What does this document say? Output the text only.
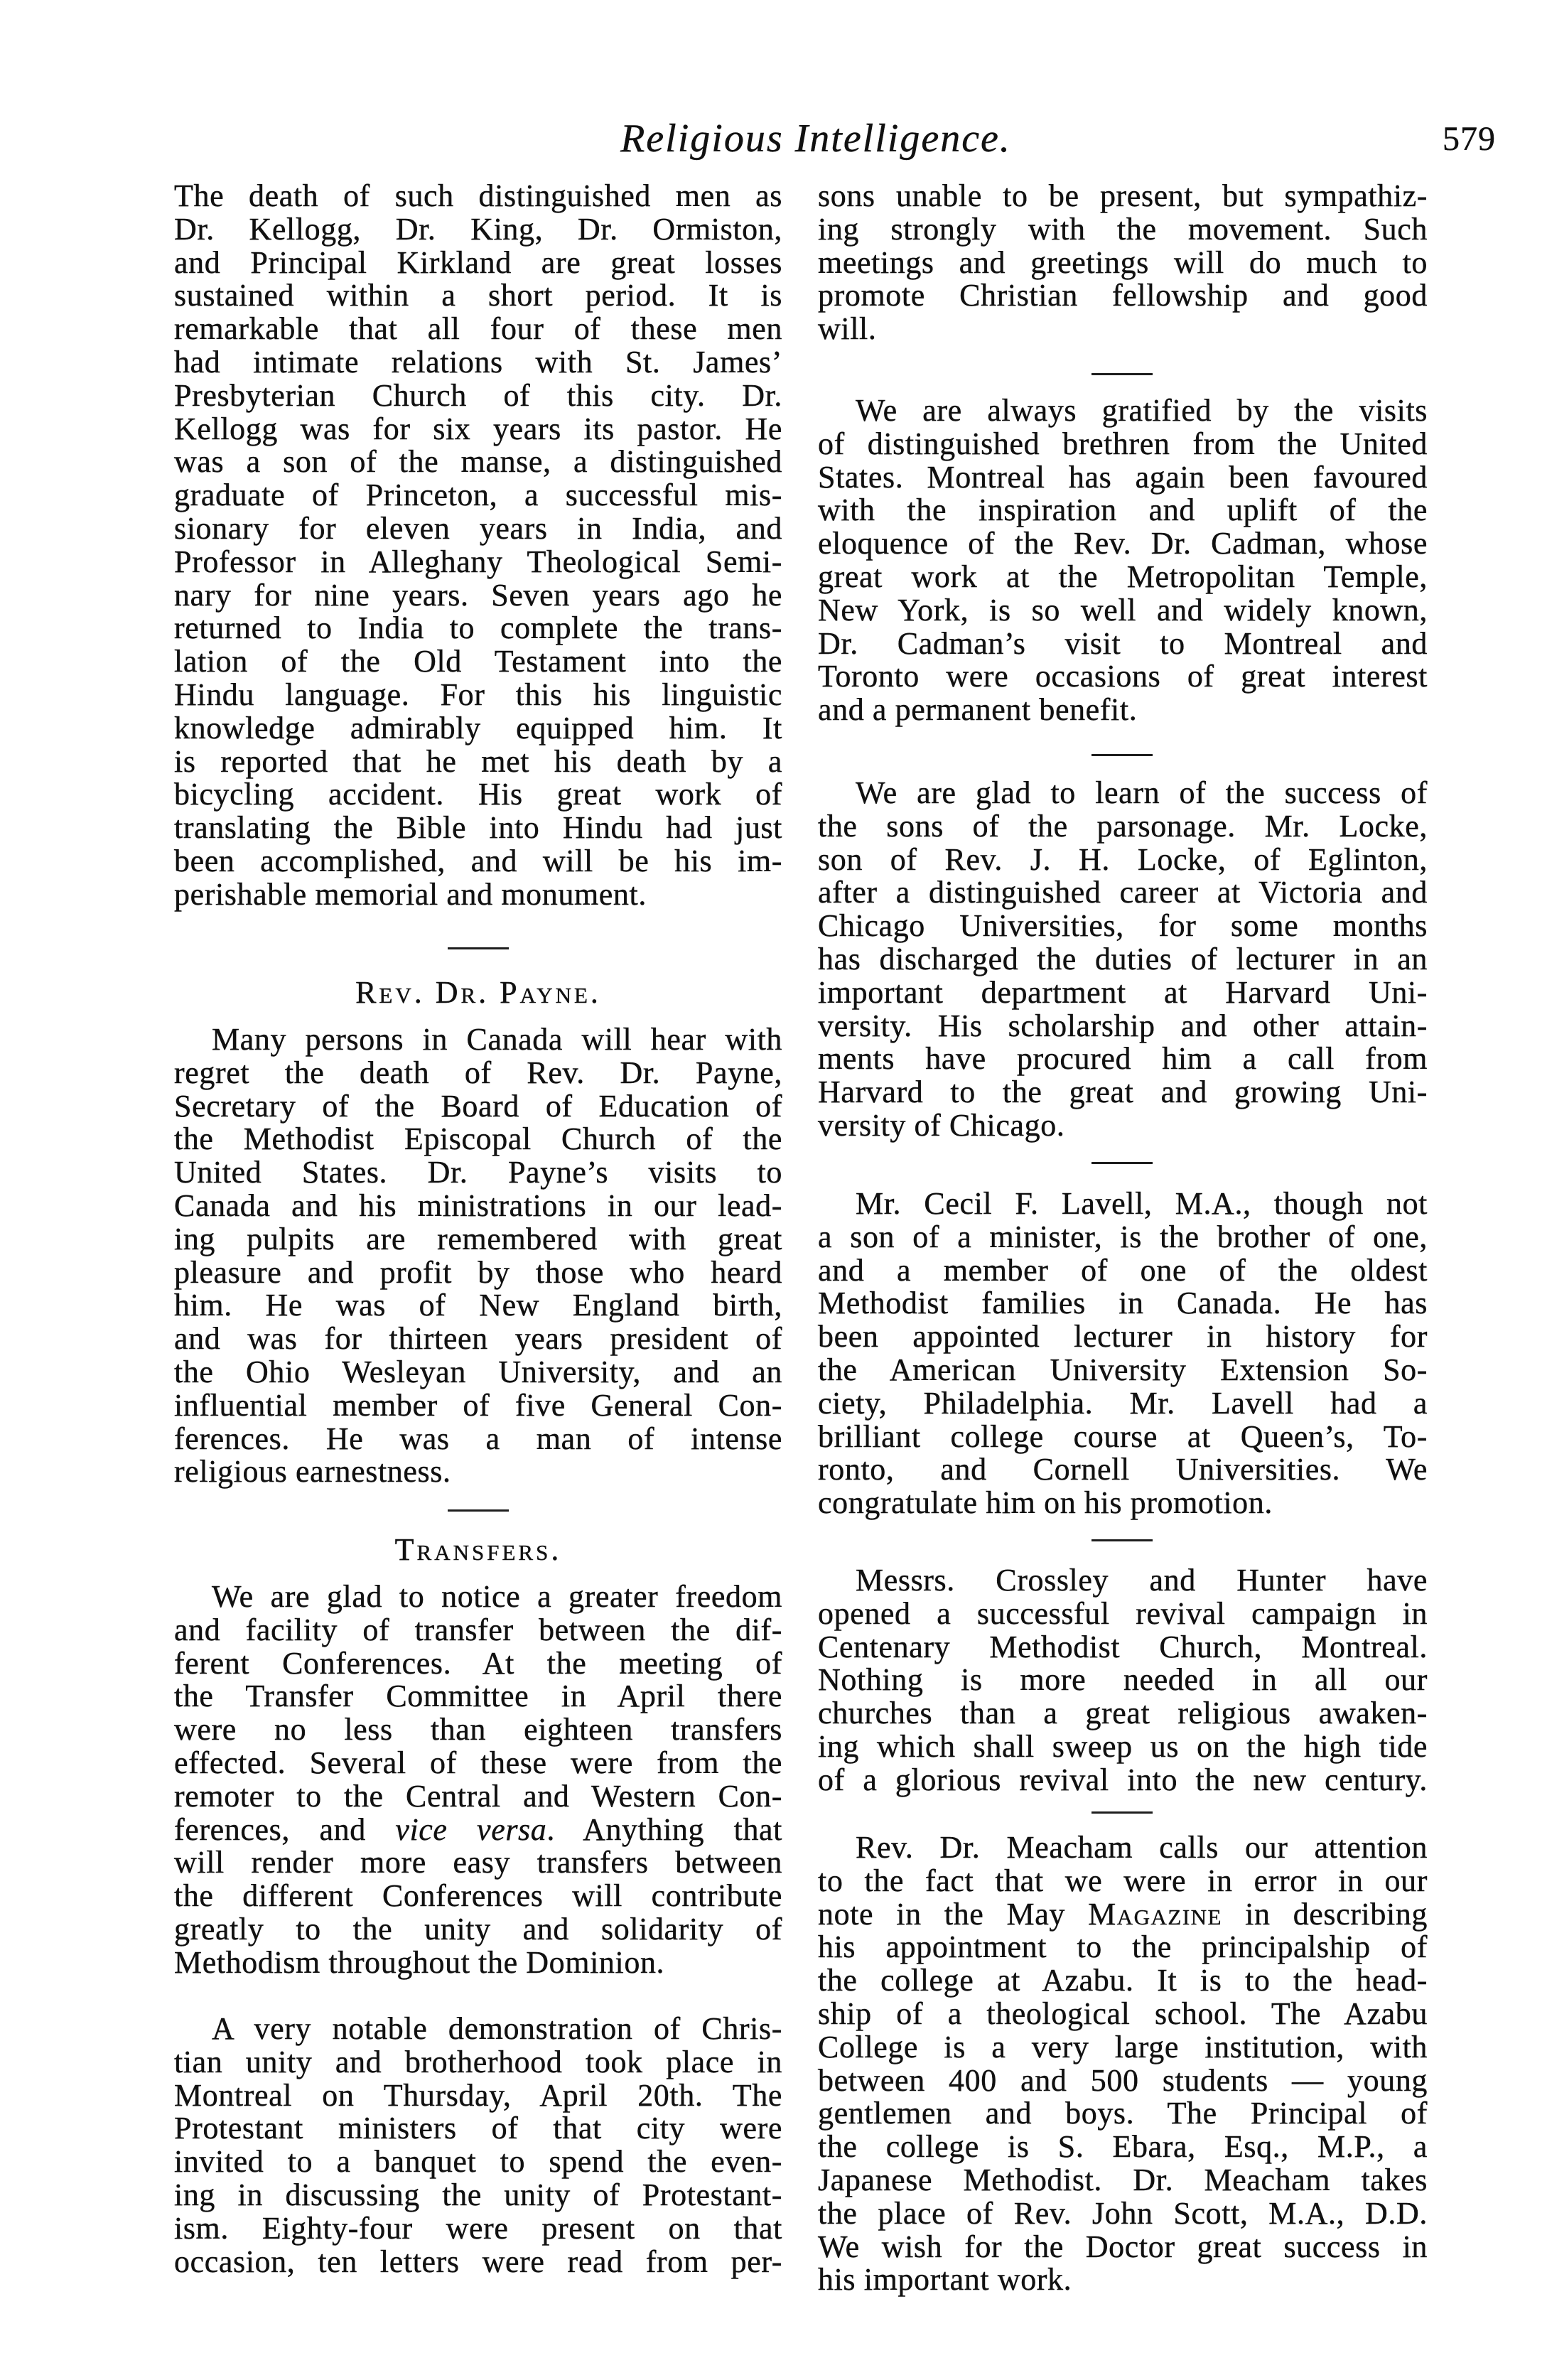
Religious Intelligence.	579
The death of such distinguished men as
Dr. Kellogg, Dr. King, Dr. Ormiston,
and Principal Kirkland are great losses
sustained within a short period. It is
remarkable that all four of these men
had intimate relations with St. James’
Presbyterian Church of this city. Dr.
Kellogg was for six years its pastor. He
was a son of the manse, a distinguished
graduate of Princeton, a successful mis-
sionary for eleven years in India, and
Professor in Alleghany Theological Semi-
nary for nine years. Seven years ago he
returned to India to complete the trans-
lation of the Old Testament into the
Hindu language. For this his linguistic
knowledge admirably equipped him. It
is reported that he met his death by a
bicycling accident. His great work of
translating the Bible into Hindu had just
been accomplished, and will be his im-
perishable memorial and monument.
Rev. Dr. Payne.
Many persons in Canada will hear with
regret the death of Rev. Dr. Payne,
Secretary of the Board of Education of
the Methodist Episcopal Church of the
United States. Dr. Payne’s visits to
Canada and his ministrations in our lead-
ing pulpits are remembered with great
pleasure and profit by those who heard
him. He was of New England birth,
and was for thirteen years president of
the Ohio Wesleyan University, and an
influential member of five General Con-
ferences. He was a man of intense
religious earnestness.
Transfers.
We are glad to notice a greater freedom
and facility of transfer between the dif-
ferent Conferences. At the meeting of
the Transfer Committee in April there
were no less than eighteen transfers
effected. Several of these were from the
remoter to the Central and Western Con-
ferences, and vice versa. Anything that
will render more easy transfers between
the different Conferences will contribute
greatly to the unity and solidarity of
Methodism throughout the Dominion.
A very notable demonstration of Chris-
tian unity and brotherhood took place in
Montreal on Thursday, April 20th. The
Protestant ministers of that city were
invited to a banquet to spend the even-
ing in discussing the unity of Protestant-
ism. Eighty-four were present on that
occasion, ten letters were read from per-
sons unable to be present, but sympathiz-
ing strongly with the movement. Such
meetings and greetings will do much to
promote Christian fellowship and good
will.
We are always gratified by the visits
of distinguished brethren from the United
States. Montreal has again been favoured
with the inspiration and uplift of the
eloquence of the Rev. Dr. Cadman, whose
great work at the Metropolitan Temple,
New York, is so well and widely known,
Dr. Cadman’s visit to Montreal and
Toronto were occasions of great interest
and a permanent benefit.
We are glad to learn of the success of
the sons of the parsonage. Mr. Locke,
son of Rev. J. H. Locke, of Eglinton,
after a distinguished career at Victoria and
Chicago Universities, for some months
has discharged the duties of lecturer in an
important department at Harvard Uni-
versity. His scholarship and other attain-
ments have procured him a call from
Harvard to the great and growing Uni-
versity of Chicago.
Mr. Cecil F. Lavell, M.A., though not
a son of a minister, is the brother of one,
and a member of one of the oldest
Methodist families in Canada. He has
been appointed lecturer in history for
the American University Extension So-
ciety, Philadelphia. Mr. Lavell had a
brilliant college course at Queen’s, To-
ronto, and Cornell Universities. We
congratulate him on his promotion.
Messrs. Crossley and Hunter have
opened a successful revival campaign in
Centenary Methodist Church, Montreal.
Nothing is more needed in all our
churches than a great religious awaken-
ing which shall sweep us on the high tide
of a glorious revival into the new century.
Rev. Dr. Meacham calls our attention
to the fact that we were in error in our
note in the May Magazine in describing
his appointment to the principalship of
the college at Azabu. It is to the head-
ship of a theological school. The Azabu
College is a very large institution, with
between 400 and 500 students — young
gentlemen and boys. The Principal of
the college is S. Ebara, Esq., M.P., a
Japanese Methodist. Dr. Meacham takes
the place of Rev. John Scott, M.A., D.D.
We wish for the Doctor great success in
his important work.
